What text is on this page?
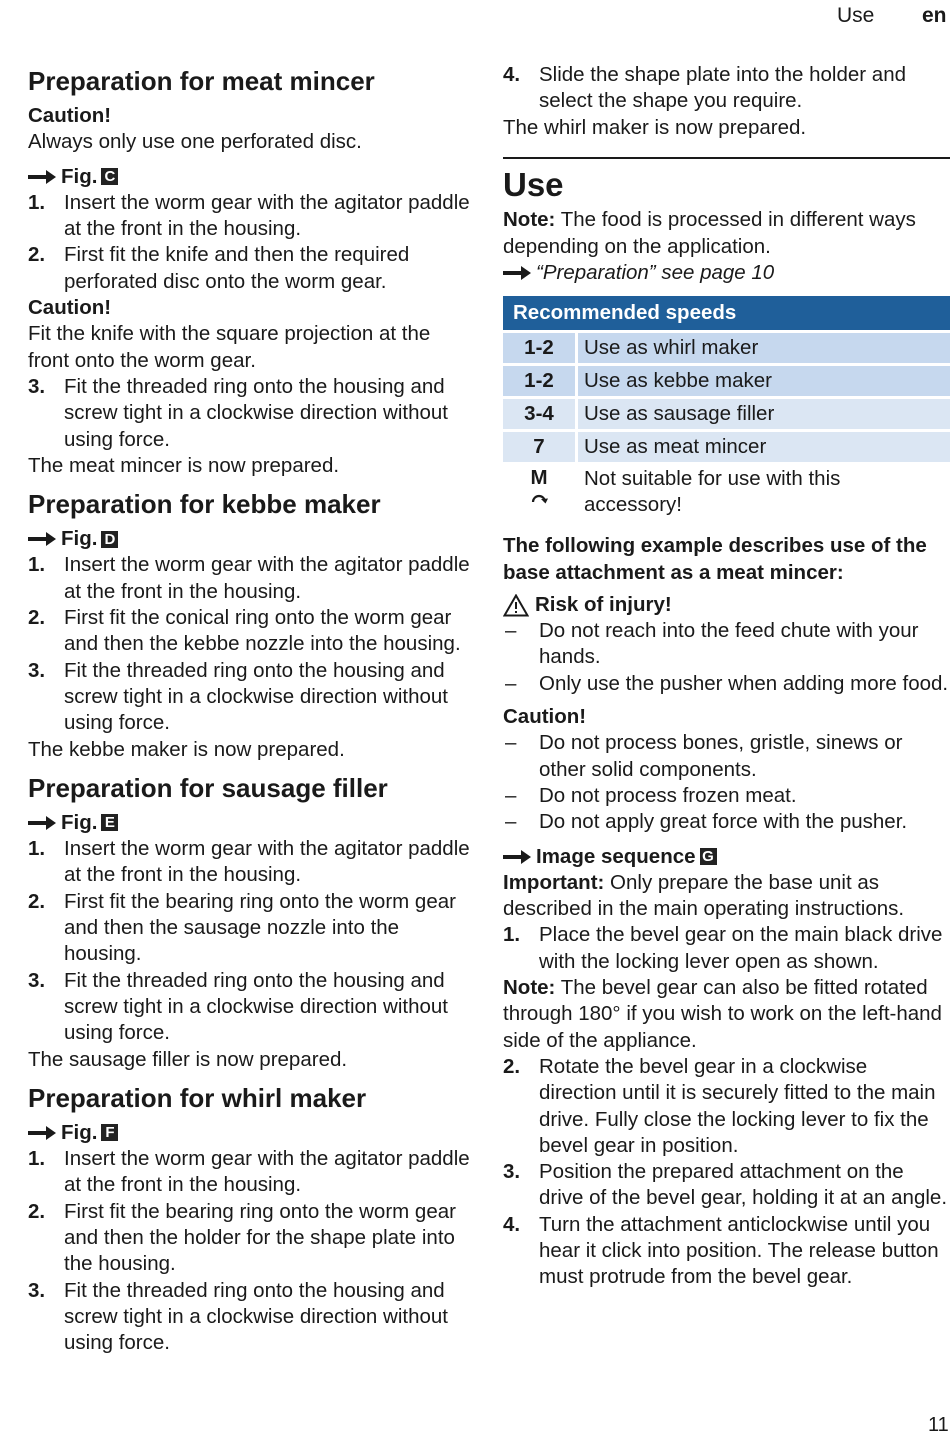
Use en
Preparation for meat mincer

Caution!

Always only use one perforated disc.

Fig. C

1. Insert the worm gear with the agitator paddle at the front in the housing.
2. First fit the knife and then the required perforated disc onto the worm gear.

Caution!

Fit the knife with the square projection at the front onto the worm gear.

3. Fit the threaded ring onto the housing and screw tight in a clockwise direction without using force.

The meat mincer is now prepared.

Preparation for kebbe maker

Fig. D

1. Insert the worm gear with the agitator paddle at the front in the housing.
2. First fit the conical ring onto the worm gear and then the kebbe nozzle into the housing.
3. Fit the threaded ring onto the housing and screw tight in a clockwise direction without using force.

The kebbe maker is now prepared.

Preparation for sausage filler

Fig. E

1. Insert the worm gear with the agitator paddle at the front in the housing.
2. First fit the bearing ring onto the worm gear and then the sausage nozzle into the housing.
3. Fit the threaded ring onto the housing and screw tight in a clockwise direction without using force.

The sausage filler is now prepared.

Preparation for whirl maker

Fig. F

1. Insert the worm gear with the agitator paddle at the front in the housing.
2. First fit the bearing ring onto the worm gear and then the holder for the shape plate into the housing.
3. Fit the threaded ring onto the housing and screw tight in a clockwise direction without using force.
4. Slide the shape plate into the holder and select the shape you require.

The whirl maker is now prepared.

Use

Note: The food is processed in different ways depending on the application.

“Preparation” see page 10

Recommended speeds	
1-2	Use as whirl maker
1-2	Use as kebbe maker
3-4	Use as sausage filler
7	Use as meat mincer

M	Not suitable for use with this accessory!

The following example describes use of the base attachment as a meat mincer:

Risk of injury!

– Do not reach into the feed chute with your hands.
– Only use the pusher when adding more food.

Caution!

– Do not process bones, gristle, sinews or other solid components.
– Do not process frozen meat.
– Do not apply great force with the pusher.

Image sequence G

Important: Only prepare the base unit as described in the main operating instructions.

1. Place the bevel gear on the main black drive with the locking lever open as shown.

Note: The bevel gear can also be fitted rotated through 180° if you wish to work on the left-hand side of the appliance.

2. Rotate the bevel gear in a clockwise direction until it is securely fitted to the main drive. Fully close the locking lever to fix the bevel gear in position.
3. Position the prepared attachment on the drive of the bevel gear, holding it at an angle.
4. Turn the attachment anticlockwise until you hear it click into position. The release button must protrude from the bevel gear.
11
